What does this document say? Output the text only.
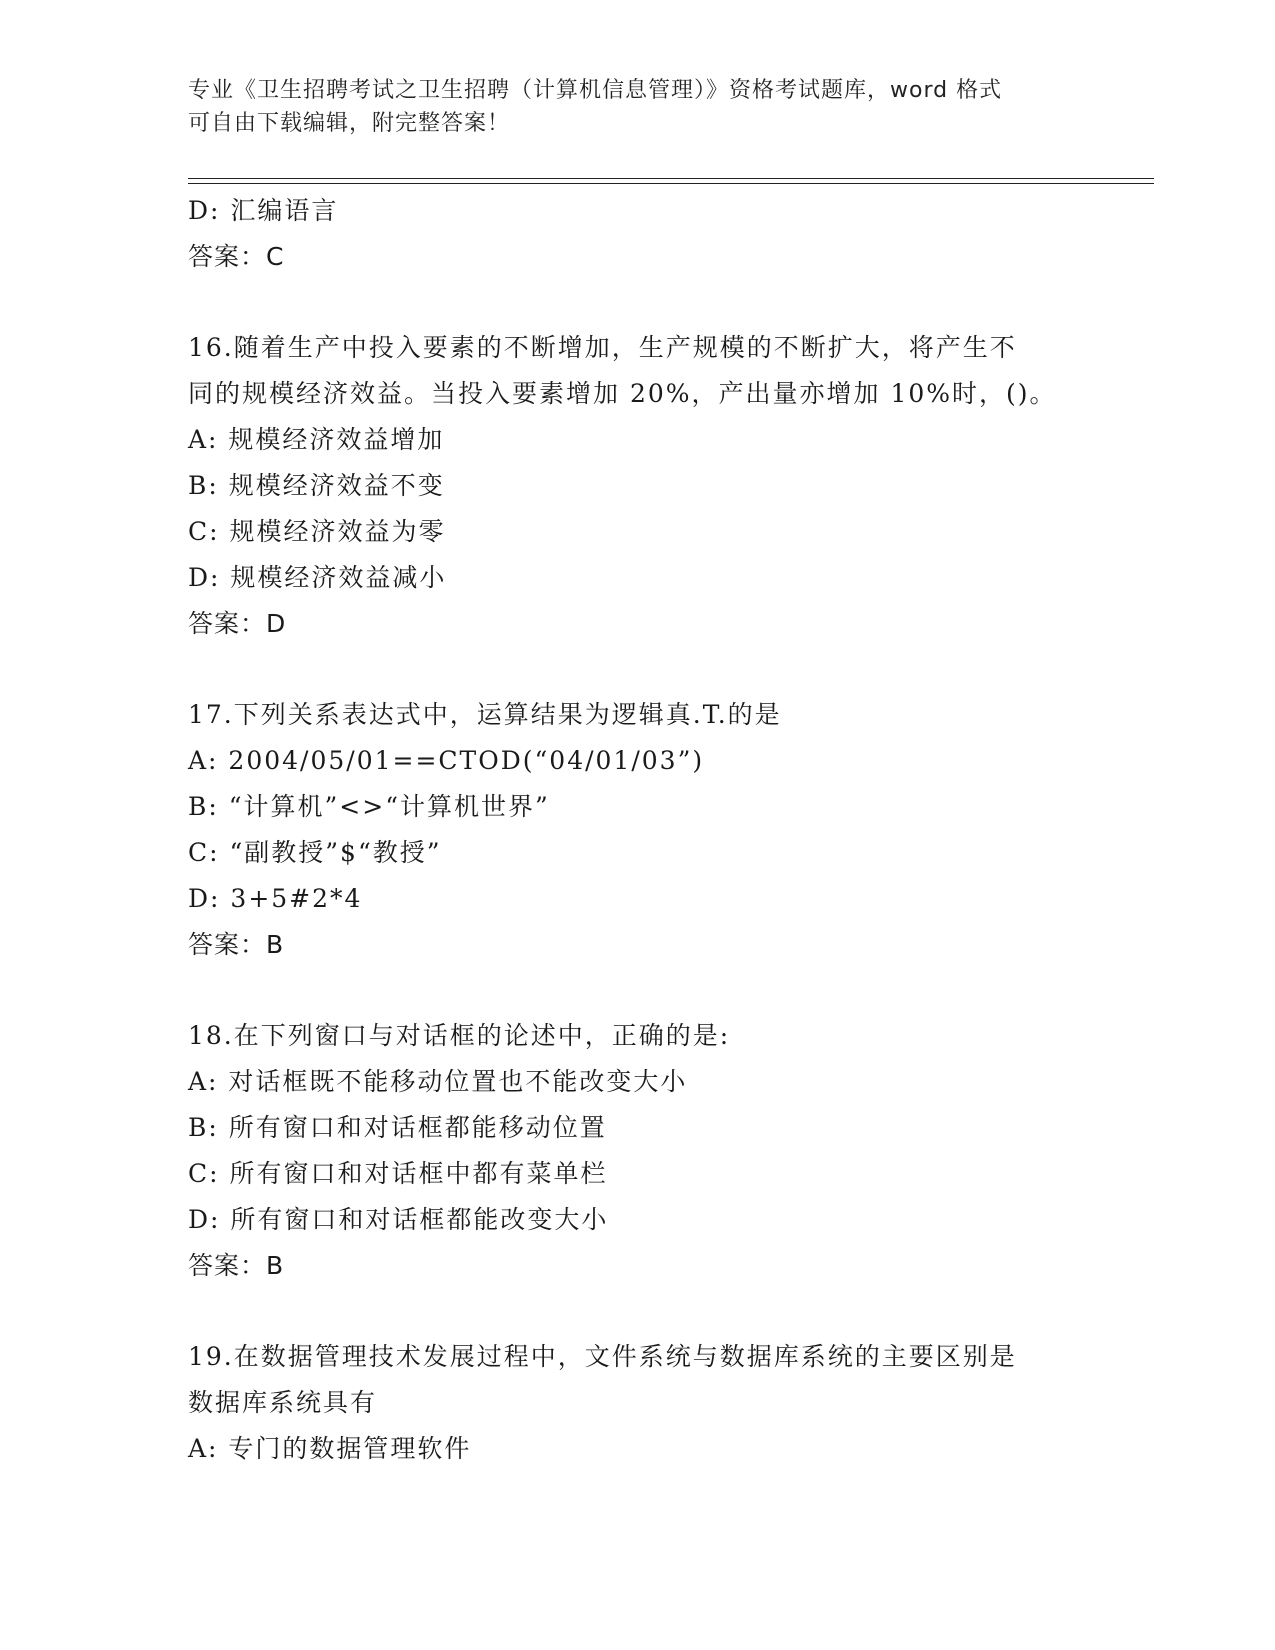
专业《卫生招聘考试之卫生招聘（计算机信息管理）》资格考试题库，word 格式
可自由下载编辑，附完整答案！
D: 汇编语言
答案：C
16.随着生产中投入要素的不断增加，生产规模的不断扩大，将产生不
同的规模经济效益。当投入要素增加 20%，产出量亦增加 10%时，()。
A: 规模经济效益增加
B: 规模经济效益不变
C: 规模经济效益为零
D: 规模经济效益减小
答案：D
17.下列关系表达式中，运算结果为逻辑真.T.的是
A: 2004/05/01==CTOD(“04/01/03”)
B: “计算机”<>“计算机世界”
C: “副教授”$“教授”
D: 3+5#2*4
答案：B
18.在下列窗口与对话框的论述中，正确的是:
A: 对话框既不能移动位置也不能改变大小
B: 所有窗口和对话框都能移动位置
C: 所有窗口和对话框中都有菜单栏
D: 所有窗口和对话框都能改变大小
答案：B
19.在数据管理技术发展过程中，文件系统与数据库系统的主要区别是
数据库系统具有
A: 专门的数据管理软件
